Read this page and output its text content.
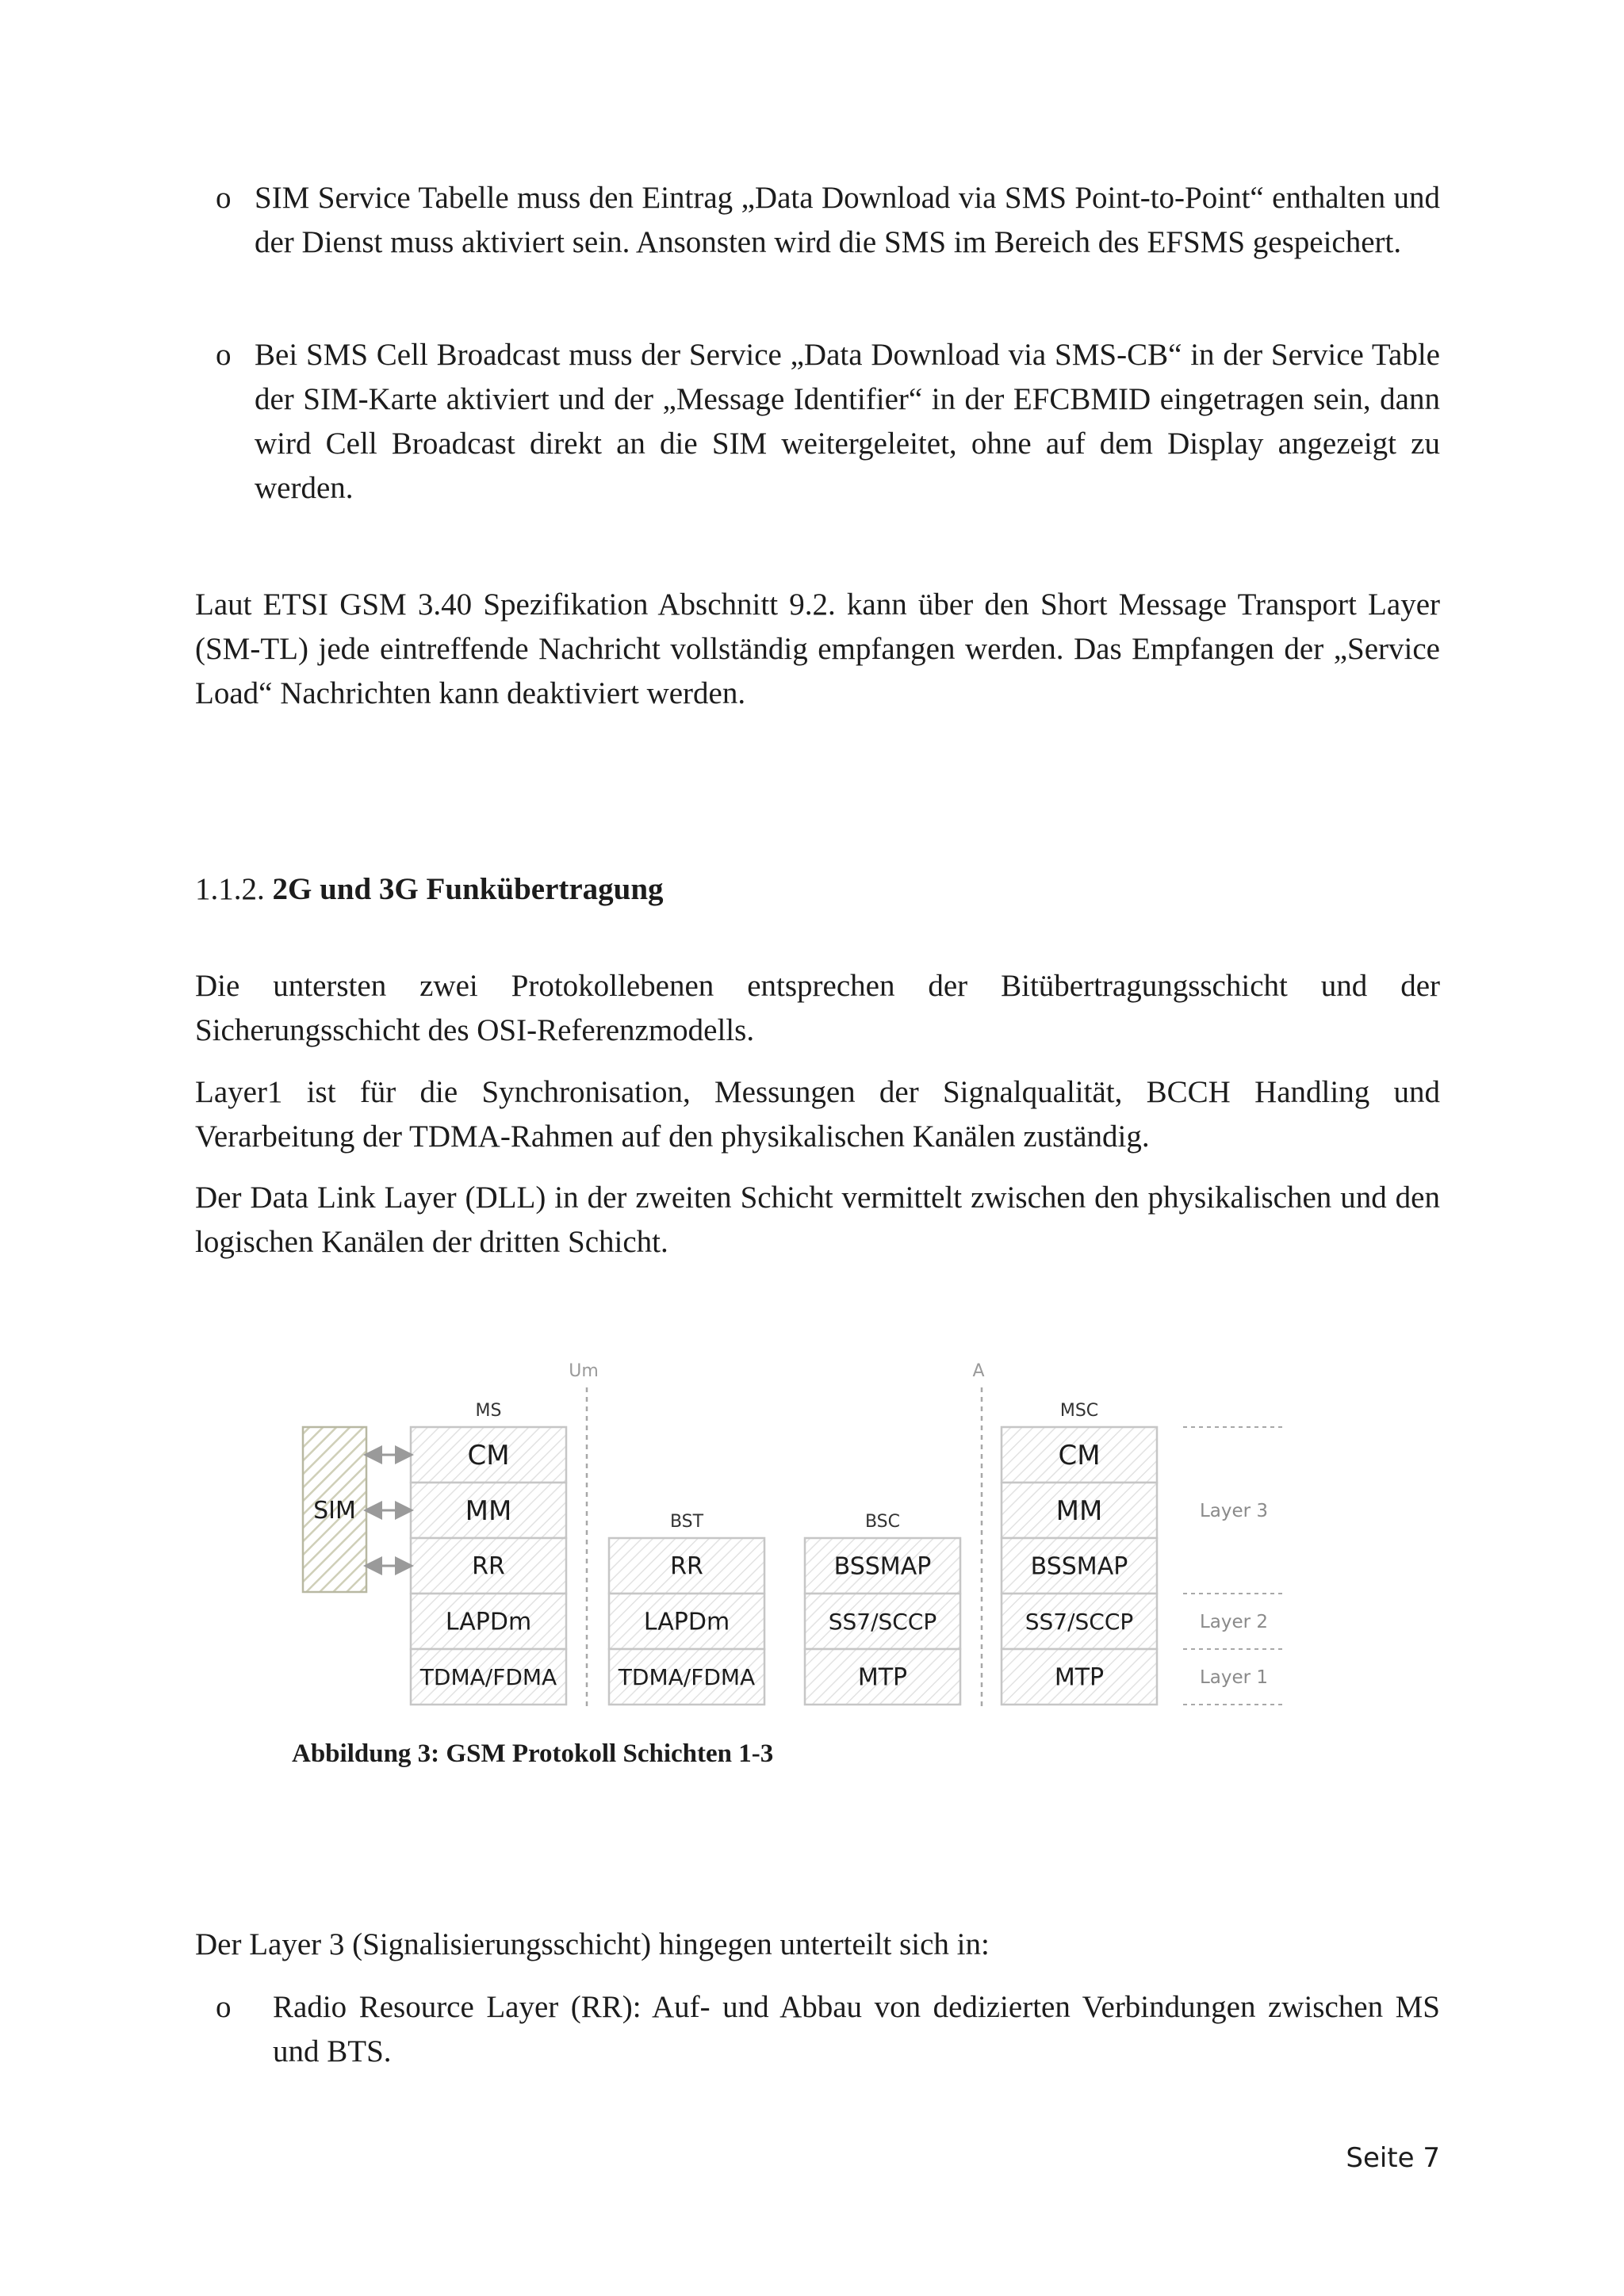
o SIM Service Tabelle muss den Eintrag „Data Download via SMS Point-to-Point“ enthalten und der Dienst muss aktiviert sein. Ansonsten wird die SMS im Bereich des EFSMS gespeichert.
o Bei SMS Cell Broadcast muss der Service „Data Download via SMS-CB“ in der Service Table der SIM-Karte aktiviert und der „Message Identifier“ in der EFCBMID eingetragen sein, dann wird Cell Broadcast direkt an die SIM weitergeleitet, ohne auf dem Display angezeigt zu werden.
Laut ETSI GSM 3.40 Spezifikation Abschnitt 9.2. kann über den Short Message Transport Layer (SM-TL) jede eintreffende Nachricht vollständig empfangen werden. Das Empfangen der „Service Load“ Nachrichten kann deaktiviert werden.
1.1.2. 2G und 3G Funkübertragung
Die untersten zwei Protokollebenen entsprechen der Bitübertragungsschicht und der Sicherungsschicht des OSI-Referenzmodells.
Layer1 ist für die Synchronisation, Messungen der Signalqualität, BCCH Handling und Verarbeitung der TDMA-Rahmen auf den physikalischen Kanälen zuständig.
Der Data Link Layer (DLL) in der zweiten Schicht vermittelt zwischen den physikalischen und den logischen Kanälen der dritten Schicht.
Um	A
MS
CM
MM
RR
LAPDm
TDMA/FDMA
BST
RR
LAPDm
TDMA/FDMA
BSC
BSSMAP
SS7/SCCP
MTP
MSC
CM
MM
BSSMAP
SS7/SCCP
MTP
SIM	Layer 3
Layer 2
Layer 1
Abbildung 3: GSM Protokoll Schichten 1-3
Der Layer 3 (Signalisierungsschicht) hingegen unterteilt sich in:
o Radio Resource Layer (RR): Auf- und Abbau von dedizierten Verbindungen zwischen MS und BTS.
Seite 7
